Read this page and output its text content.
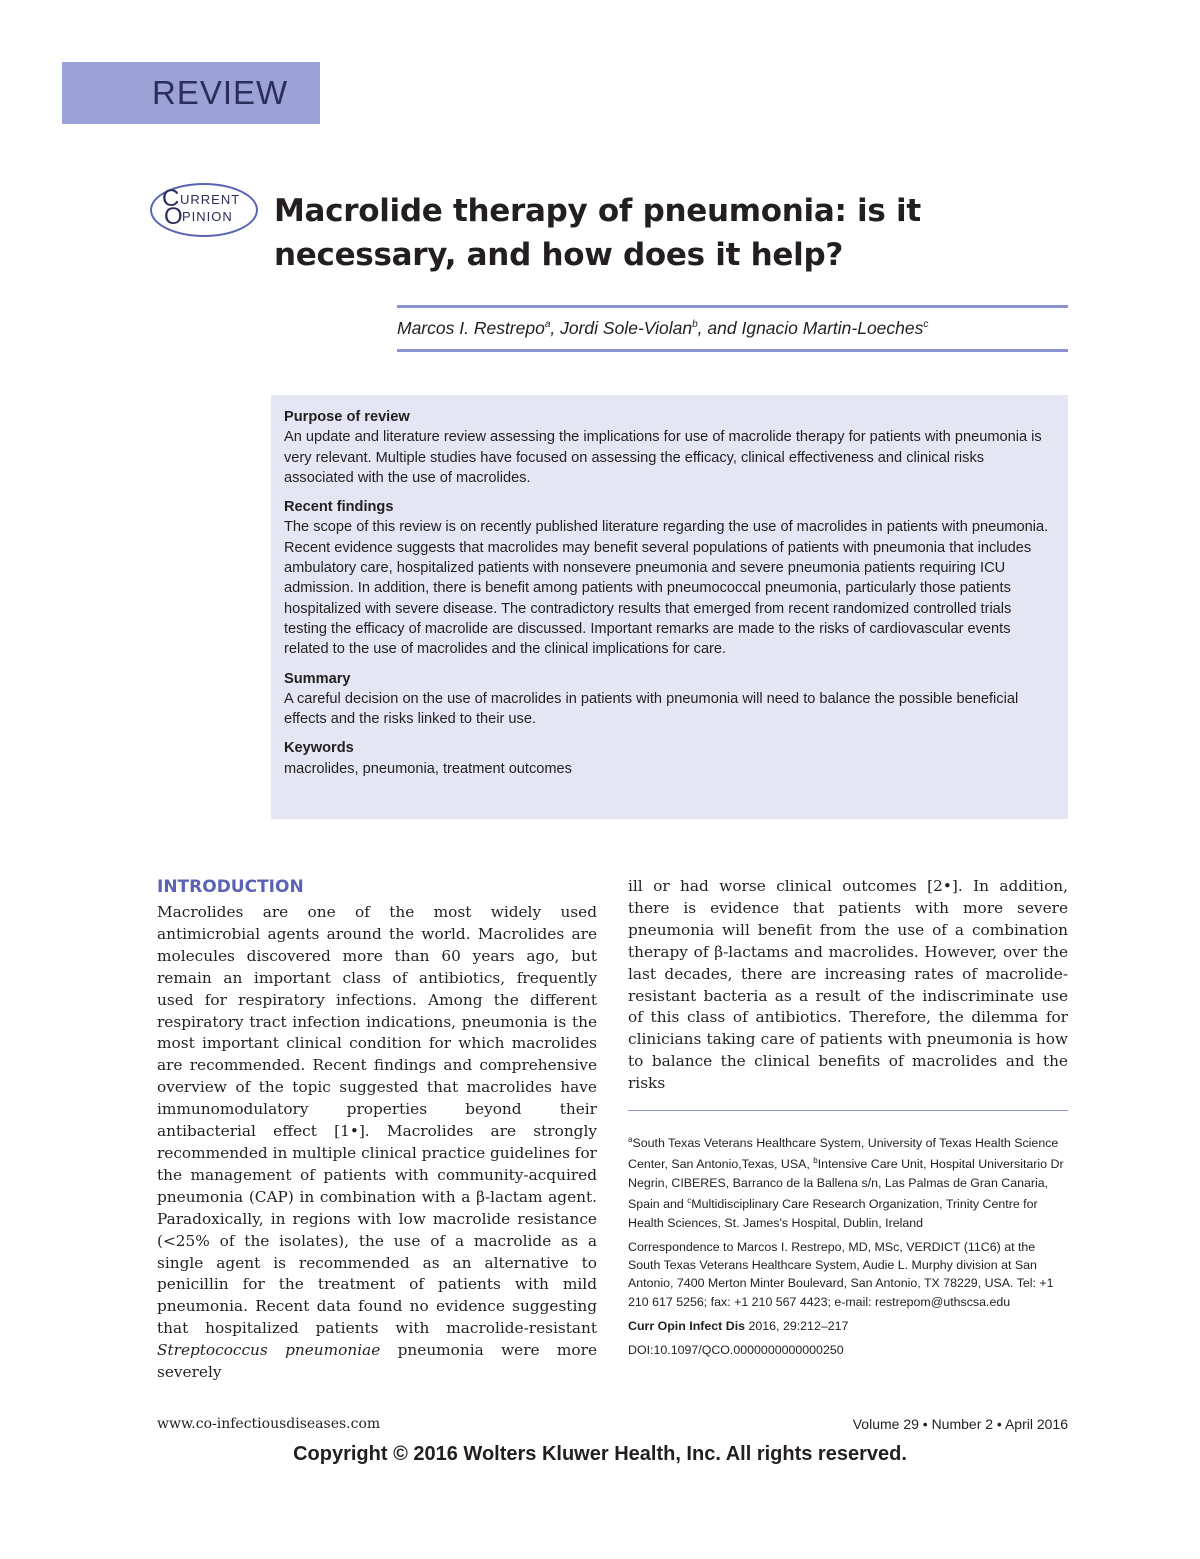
REVIEW
C URRENT
O PINION Macrolide therapy of pneumonia: is it necessary, and how does it help?
Marcos I. Restrepo$^a$, Jordi Sole-Violan$^b$, and Ignacio Martin-Loeches$^c$
Purpose of review

An update and literature review assessing the implications for use of macrolide therapy for patients with pneumonia is very relevant. Multiple studies have focused on assessing the efficacy, clinical effectiveness and clinical risks associated with the use of macrolides.

Recent findings

The scope of this review is on recently published literature regarding the use of macrolides in patients with pneumonia. Recent evidence suggests that macrolides may benefit several populations of patients with pneumonia that includes ambulatory care, hospitalized patients with nonsevere pneumonia and severe pneumonia patients requiring ICU admission. In addition, there is benefit among patients with pneumococcal pneumonia, particularly those patients hospitalized with severe disease. The contradictory results that emerged from recent randomized controlled trials testing the efficacy of macrolide are discussed. Important remarks are made to the risks of cardiovascular events related to the use of macrolides and the clinical implications for care.

Summary

A careful decision on the use of macrolides in patients with pneumonia will need to balance the possible beneficial effects and the risks linked to their use.

Keywords

macrolides, pneumonia, treatment outcomes

INTRODUCTION

Macrolides are one of the most widely used antimicrobial agents around the world. Macrolides are molecules discovered more than 60 years ago, but remain an important class of antibiotics, frequently used for respiratory infections. Among the different respiratory tract infection indications, pneumonia is the most important clinical condition for which macrolides are recommended. Recent findings and comprehensive overview of the topic suggested that macrolides have immunomodulatory properties beyond their antibacterial effect [1•]. Macrolides are strongly recommended in multiple clinical practice guidelines for the management of patients with community-acquired pneumonia (CAP) in combination with a β-lactam agent. Paradoxically, in regions with low macrolide resistance (<25% of the isolates), the use of a macrolide as a single agent is recommended as an alternative to penicillin for the treatment of patients with mild pneumonia. Recent data found no evidence suggesting that hospitalized patients with macrolide-resistant Streptococcus pneumoniae pneumonia were more severely

ill or had worse clinical outcomes [2•]. In addition, there is evidence that patients with more severe pneumonia will benefit from the use of a combination therapy of β-lactams and macrolides. However, over the last decades, there are increasing rates of macrolide-resistant bacteria as a result of the indiscriminate use of this class of antibiotics. Therefore, the dilemma for clinicians taking care of patients with pneumonia is how to balance the clinical benefits of macrolides and the risks

$^a$South Texas Veterans Healthcare System, University of Texas Health Science Center, San Antonio,Texas, USA, $^b$Intensive Care Unit, Hospital Universitario Dr Negrin, CIBERES, Barranco de la Ballena s/n, Las Palmas de Gran Canaria, Spain and $^c$Multidisciplinary Care Research Organization, Trinity Centre for Health Sciences, St. James's Hospital, Dublin, Ireland

Correspondence to Marcos I. Restrepo, MD, MSc, VERDICT (11C6) at the South Texas Veterans Healthcare System, Audie L. Murphy division at San Antonio, 7400 Merton Minter Boulevard, San Antonio, TX 78229, USA. Tel: +1 210 617 5256; fax: +1 210 567 4423; e-mail: restrepom@uthscsa.edu

Curr Opin Infect Dis 2016, 29:212–217

DOI:10.1097/QCO.0000000000000250

www.co-infectiousdiseases.com	Volume 29 • Number 2 • April 2016
Copyright © 2016 Wolters Kluwer Health, Inc. All rights reserved.
